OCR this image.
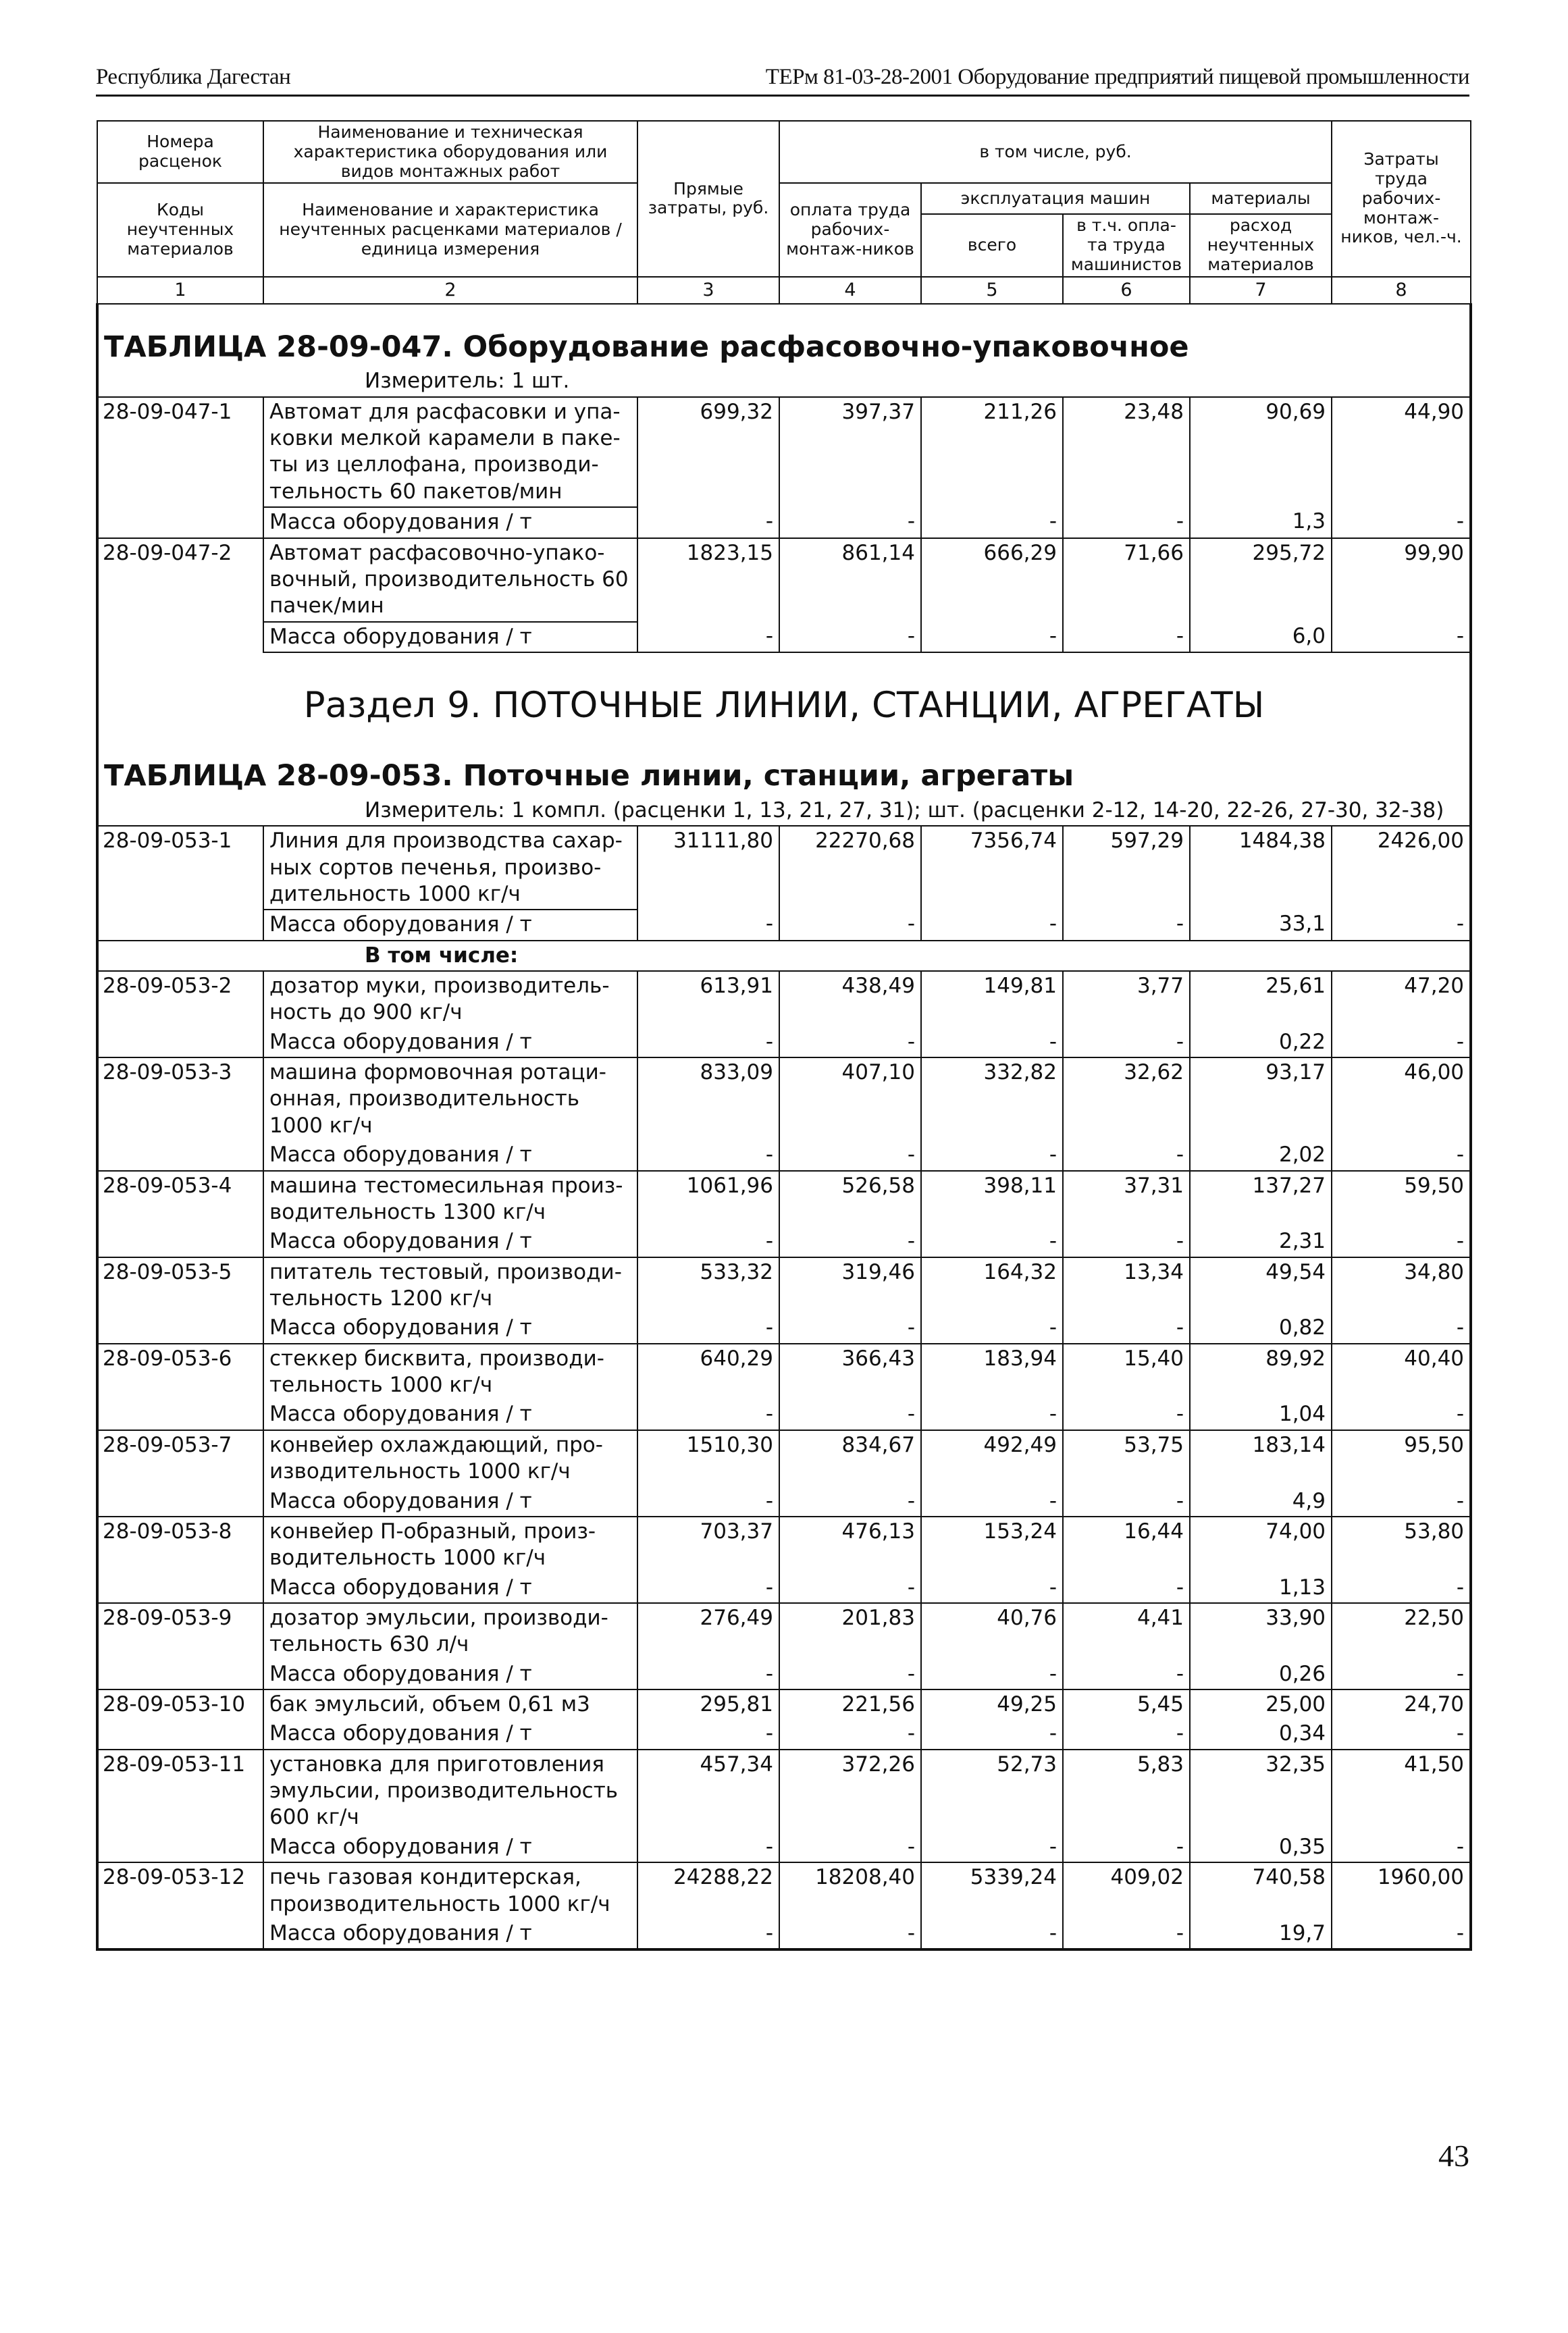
Республика Дагестан	ТЕРм 81-03-28-2001 Оборудование предприятий пищевой промышленности
Номера расценок	Наименование и техническая характеристика оборудования или видов монтажных работ	Прямые затраты, руб.	в том числе, руб.				Затраты труда рабочих-монтаж-ников, чел.-ч.
Коды неучтенных материалов	Наименование и характеристика неучтенных расценками материалов / единица измерения		оплата труда рабочих-монтаж-ников	эксплуатация машин		материалы	
				всего	в т.ч. опла-та труда машинистов	расход неучтенных материалов	
1	2	3	4	5	6	7	8
ТАБЛИЦА 28-09-047. Оборудование расфасовочно-упаковочное							
Измеритель: 1 шт.							
28-09-047-1	Автомат для расфасовки и упа-ковки мелкой карамели в паке-ты из целлофана, производи-тельность 60 пакетов/мин	699,32	397,37	211,26	23,48	90,69	44,90
	Масса оборудования / т	-	-	-	-	1,3	-
28-09-047-2	Автомат расфасовочно-упако-вочный, производительность 60 пачек/мин	1823,15	861,14	666,29	71,66	295,72	99,90
	Масса оборудования / т	-	-	-	-	6,0	-
Раздел 9. ПОТОЧНЫЕ ЛИНИИ, СТАНЦИИ, АГРЕГАТЫ							
ТАБЛИЦА 28-09-053. Поточные линии, станции, агрегаты							
Измеритель: 1 компл. (расценки 1, 13, 21, 27, 31); шт. (расценки 2-12, 14-20, 22-26, 27-30, 32-38)							
28-09-053-1	Линия для производства сахар-ных сортов печенья, произво-дительность 1000 кг/ч	31111,80	22270,68	7356,74	597,29	1484,38	2426,00
	Масса оборудования / т	-	-	-	-	33,1	-
В том числе:							
28-09-053-2	дозатор муки, производитель-ность до 900 кг/ч	613,91	438,49	149,81	3,77	25,61	47,20
	Масса оборудования / т	-	-	-	-	0,22	-
28-09-053-3	машина формовочная ротаци-онная, производительность 1000 кг/ч	833,09	407,10	332,82	32,62	93,17	46,00
	Масса оборудования / т	-	-	-	-	2,02	-
28-09-053-4	машина тестомесильная произ-водительность 1300 кг/ч	1061,96	526,58	398,11	37,31	137,27	59,50
	Масса оборудования / т	-	-	-	-	2,31	-
28-09-053-5	питатель тестовый, производи-тельность 1200 кг/ч	533,32	319,46	164,32	13,34	49,54	34,80
	Масса оборудования / т	-	-	-	-	0,82	-
28-09-053-6	стеккер бисквита, производи-тельность 1000 кг/ч	640,29	366,43	183,94	15,40	89,92	40,40
	Масса оборудования / т	-	-	-	-	1,04	-
28-09-053-7	конвейер охлаждающий, про-изводительность 1000 кг/ч	1510,30	834,67	492,49	53,75	183,14	95,50
	Масса оборудования / т	-	-	-	-	4,9	-
28-09-053-8	конвейер П-образный, произ-водительность 1000 кг/ч	703,37	476,13	153,24	16,44	74,00	53,80
	Масса оборудования / т	-	-	-	-	1,13	-
28-09-053-9	дозатор эмульсии, производи-тельность 630 л/ч	276,49	201,83	40,76	4,41	33,90	22,50
	Масса оборудования / т	-	-	-	-	0,26	-
28-09-053-10	бак эмульсий, объем 0,61 м3	295,81	221,56	49,25	5,45	25,00	24,70
	Масса оборудования / т	-	-	-	-	0,34	-
28-09-053-11	установка для приготовления эмульсии, производительность 600 кг/ч	457,34	372,26	52,73	5,83	32,35	41,50
	Масса оборудования / т	-	-	-	-	0,35	-
28-09-053-12	печь газовая кондитерская, производительность 1000 кг/ч	24288,22	18208,40	5339,24	409,02	740,58	1960,00
	Масса оборудования / т	-	-	-	-	19,7	-
43
